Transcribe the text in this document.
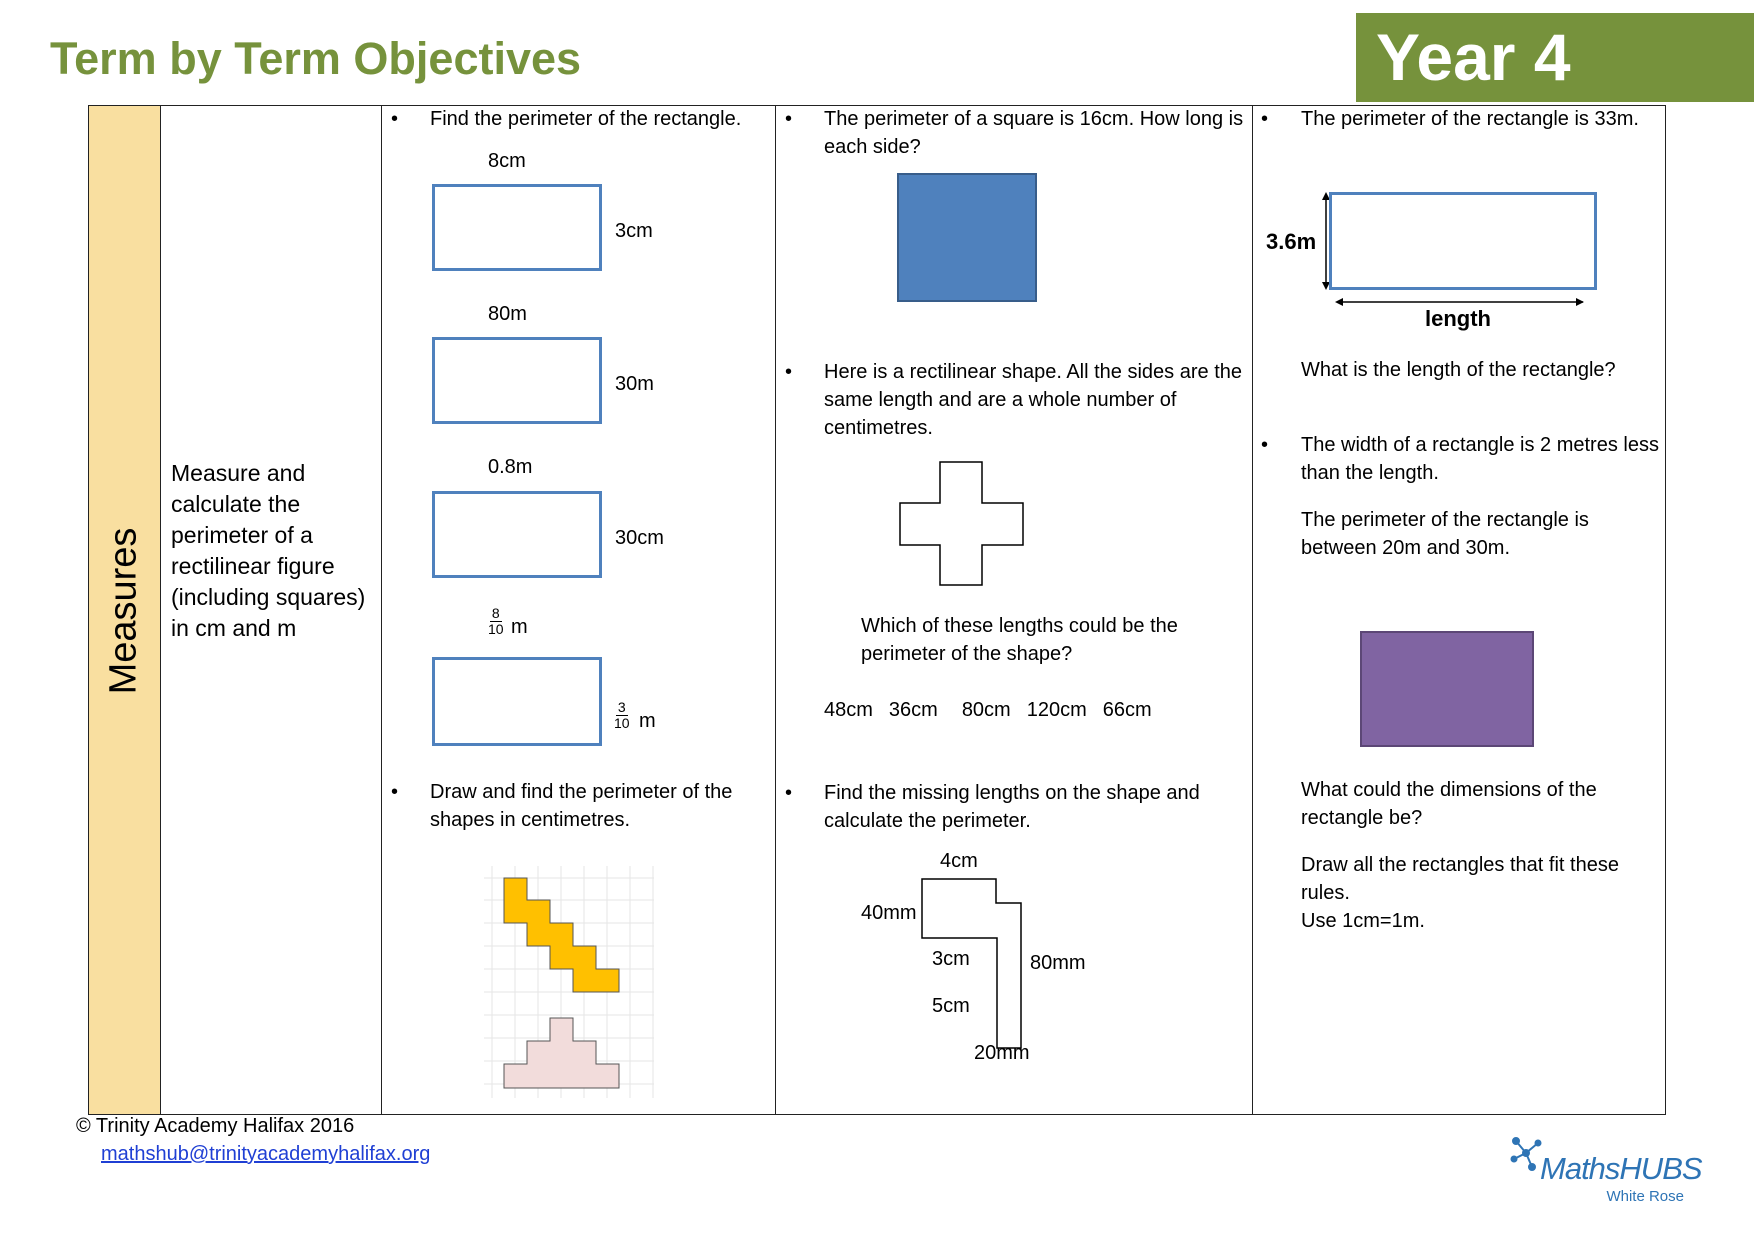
Term by Term Objectives	Year 4
Measures
Measure and calculate the perimeter of a rectilinear figure (including squares) in cm and m
• Find the perimeter of the rectangle.
8cm
3cm
80m
30m
0.8m
30cm
$\frac{8}{10}$ m
$\frac{3}{10}$ m
• Draw and find the perimeter of the shapes in centimetres.
• The perimeter of a square is 16cm. How long is each side?
• Here is a rectilinear shape. All the sides are the same length and are a whole number of centimetres.
Which of these lengths could be the perimeter of the shape?
48cm 36cm 80cm 120cm 66cm
• Find the missing lengths on the shape and calculate the perimeter.
4cm
40mm
3cm	80mm
5cm
20mm
• The perimeter of the rectangle is 33m.
3.6m
length
What is the length of the rectangle?
• The width of a rectangle is 2 metres less than the length.
The perimeter of the rectangle is between 20m and 30m.
What could the dimensions of the rectangle be?
Draw all the rectangles that fit these rules.
Use 1cm=1m.
© Trinity Academy Halifax 2016
mathshub@trinityacademyhalifax.org	MathsHUBS
White Rose
